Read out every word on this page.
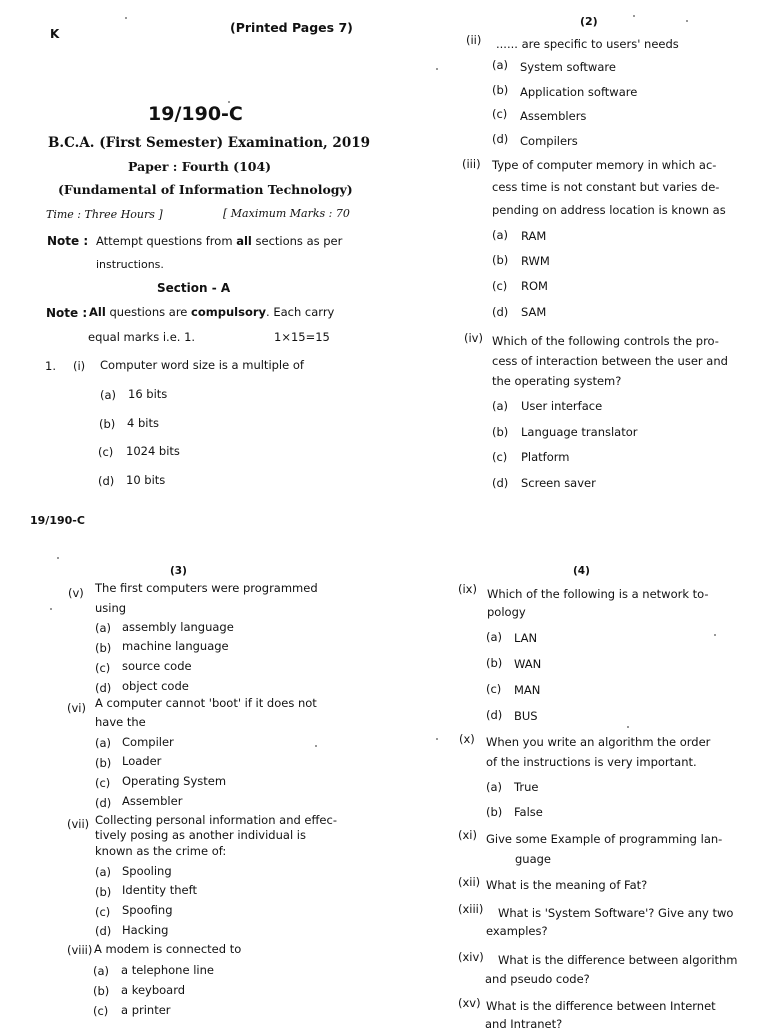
K	(Printed Pages 7)
19/190-C
B.C.A. (First Semester) Examination, 2019
Paper : Fourth (104)
(Fundamental of Information Technology)
Time : Three Hours ]	[ Maximum Marks : 70
Note : Attempt questions from all sections as per
instructions.
Section - A
Note : All questions are compulsory. Each carry
equal marks i.e. 1.	1×15=15
1. (i) Computer word size is a multiple of
(a) 16 bits
(b) 4 bits
(c) 1024 bits
(d) 10 bits
(2)
(ii) ...... are specific to users' needs
(a) System software
(b) Application software
(c) Assemblers
(d) Compilers
(iii) Type of computer memory in which ac-
cess time is not constant but varies de-
pending on address location is known as
(a) RAM
(b) RWM
(c) ROM
(d) SAM
(iv) Which of the following controls the pro-
cess of interaction between the user and
the operating system?
(a) User interface
(b) Language translator
(c) Platform
(d) Screen saver
19/190-C
(3)
(v) The first computers were programmed
using
(a) assembly language
(b) machine language
(c) source code
(d) object code
(vi) A computer cannot 'boot' if it does not
have the
(a) Compiler
(b) Loader
(c) Operating System
(d) Assembler
(vii) Collecting personal information and effec-
tively posing as another individual is
known as the crime of:
(a) Spooling
(b) Identity theft
(c) Spoofing
(d) Hacking
(viii) A modem is connected to
(a) a telephone line
(b) a keyboard
(c) a printer
(4)
(ix) Which of the following is a network to-
pology
(a) LAN
(b) WAN
(c) MAN
(d) BUS
(x) When you write an algorithm the order
of the instructions is very important.
(a) True
(b) False
(xi) Give some Example of programming lan-
guage
(xii) What is the meaning of Fat?
(xiii) What is 'System Software'? Give any two
examples?
(xiv) What is the difference between algorithm
and pseudo code?
(xv) What is the difference between Internet
and Intranet?
